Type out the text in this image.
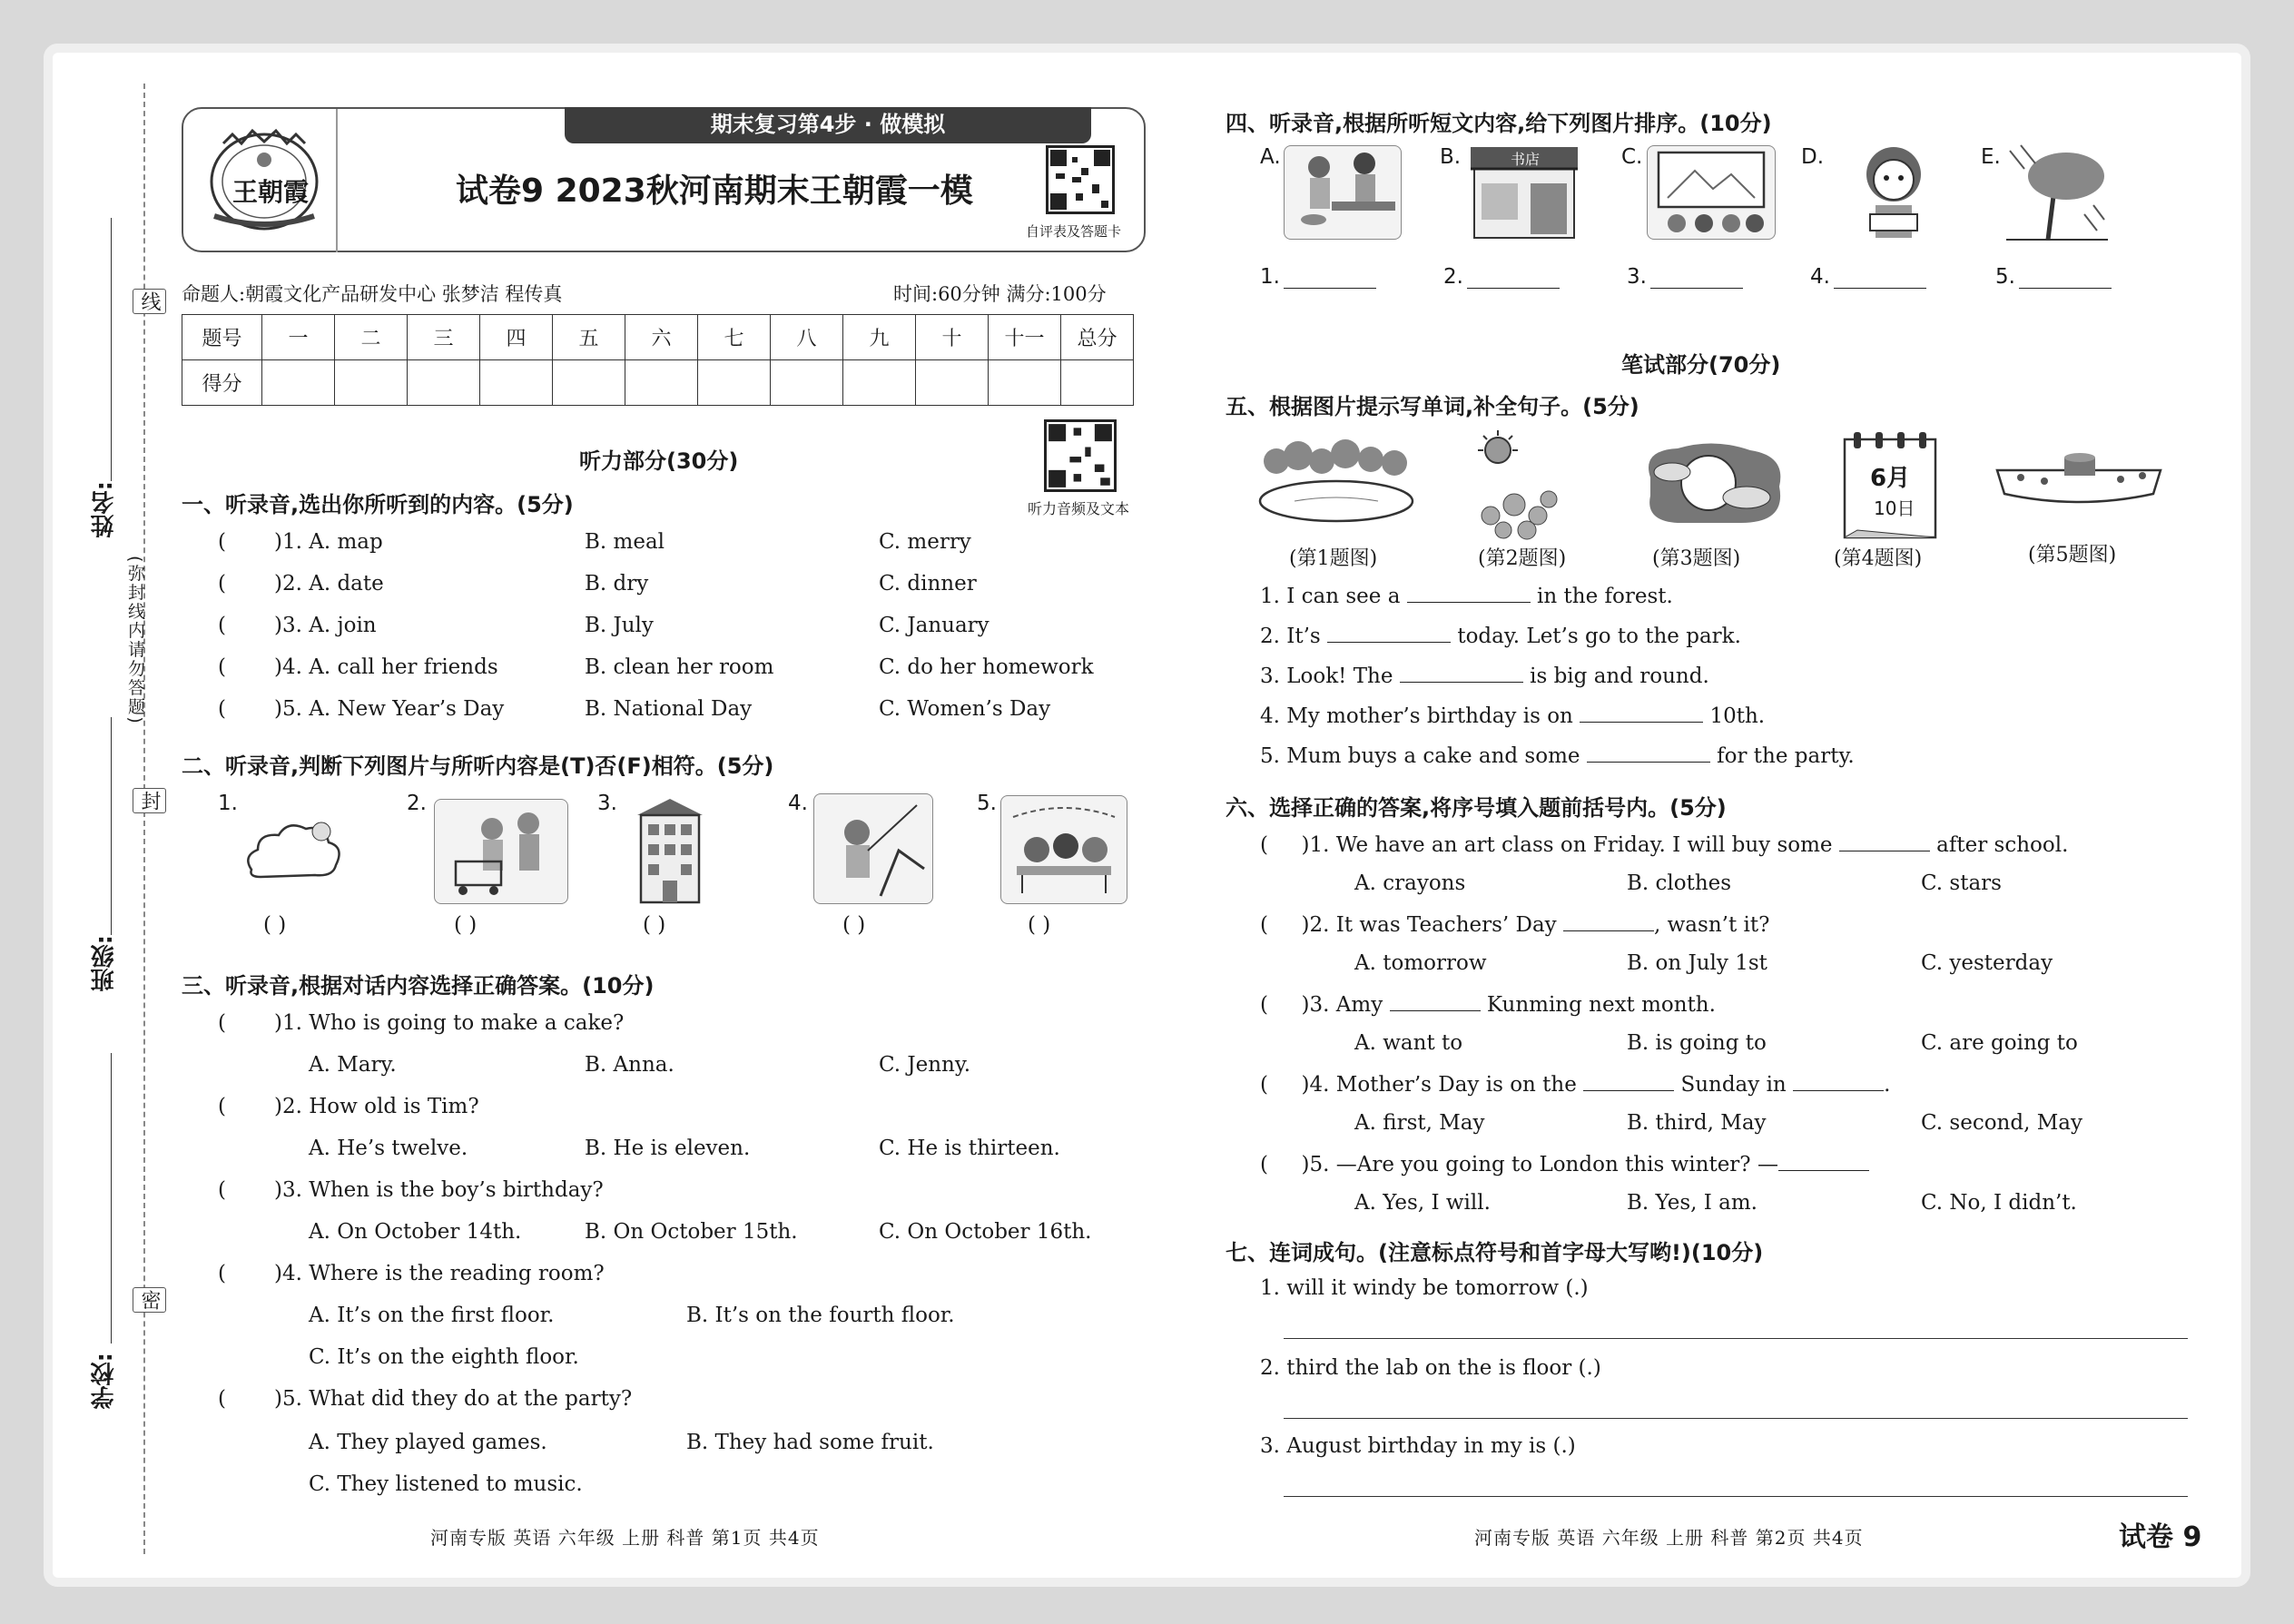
线
封
密
(弥封线内请勿答题)
姓名:
班级:
学校:
期末复习第4步 · 做模拟
王朝霞	试卷9 2023秋河南期末王朝霞一模
自评表及答题卡
命题人:朝霞文化产品研发中心 张梦洁 程传真	时间:60分钟 满分:100分
题号	一	二	三	四	五	六	七	八	九	十	十一	总分
得分												
听力部分(30分)
听力音频及文本
一、听录音,选出你所听到的内容。(5分)
( )1. A. map	B. meal	C. merry
( )2. A. date	B. dry	C. dinner
( )3. A. join	B. July	C. January
( )4. A. call her friends	B. clean her room	C. do her homework
( )5. A. New Year’s Day	B. National Day	C. Women’s Day
二、听录音,判断下列图片与所听内容是(T)否(F)相符。(5分)
1.
( )
2.
( )
3.
( )
4.
( )
5.
( )
三、听录音,根据对话内容选择正确答案。(10分)
( )1. Who is going to make a cake?
A. Mary.	B. Anna.	C. Jenny.
( )2. How old is Tim?
A. He’s twelve.	B. He is eleven.	C. He is thirteen.
( )3. When is the boy’s birthday?
A. On October 14th.	B. On October 15th.	C. On October 16th.
( )4. Where is the reading room?
A. It’s on the first floor.	B. It’s on the fourth floor.
C. It’s on the eighth floor.
( )5. What did they do at the party?
A. They played games.	B. They had some fruit.
C. They listened to music.
河南专版 英语 六年级 上册 科普 第1页 共4页
四、听录音,根据所听短文内容,给下列图片排序。(10分)
A.	B.	书店	C.	D.	E.
1.	2.	3.	4.	5.
笔试部分(70分)
五、根据图片提示写单词,补全句子。(5分)
6月
10日
(第1题图)	(第2题图)	(第3题图)	(第4题图)	(第5题图)
1. I can see a	in the forest.
2. It’s	today. Let’s go to the park.
3. Look! The	is big and round.
4. My mother’s birthday is on	10th.
5. Mum buys a cake and some	for the party.
六、选择正确的答案,将序号填入题前括号内。(5分)
( )1. We have an art class on Friday. I will buy some	after school.
A. crayons	B. clothes	C. stars
( )2. It was Teachers’ Day	, wasn’t it?
A. tomorrow	B. on July 1st	C. yesterday
( )3. Amy	Kunming next month.
A. want to	B. is going to	C. are going to
( )4. Mother’s Day is on the	Sunday in	.
A. first, May	B. third, May	C. second, May
( )5. —Are you going to London this winter? —
A. Yes, I will.	B. Yes, I am.	C. No, I didn’t.
七、连词成句。(注意标点符号和首字母大写哟!)(10分)
1. will it windy be tomorrow (.)
2. third the lab on the is floor (.)
3. August birthday in my is (.)
河南专版 英语 六年级 上册 科普 第2页 共4页	试卷 9
